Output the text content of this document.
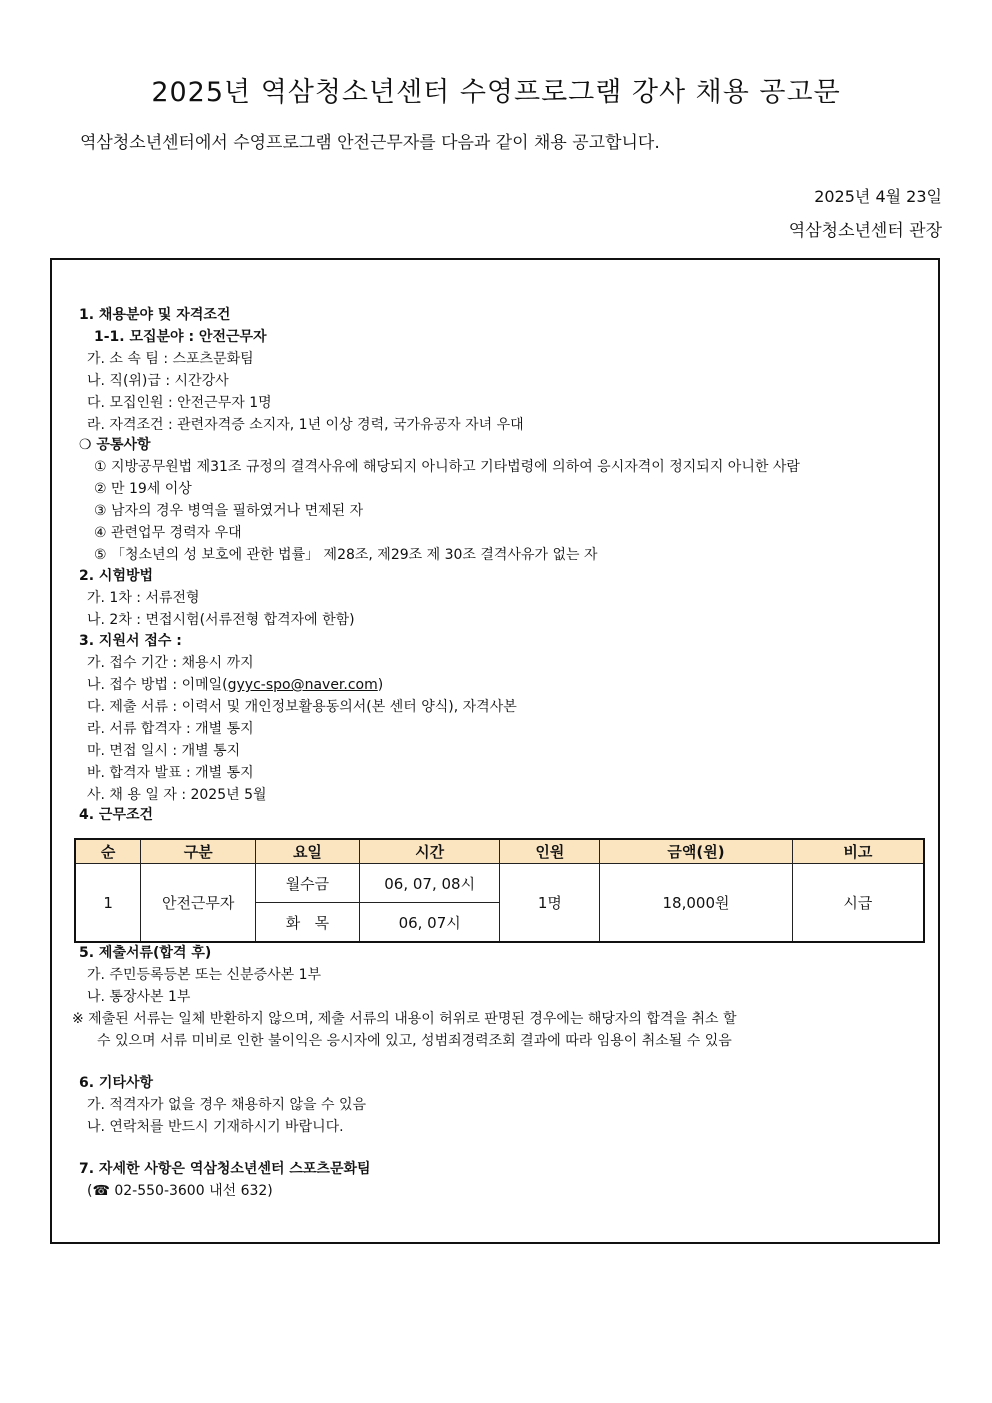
2025년 역삼청소년센터 수영프로그램 강사 채용 공고문
역삼청소년센터에서 수영프로그램 안전근무자를 다음과 같이 채용 공고합니다.
2025년 4월 23일
역삼청소년센터 관장
1. 채용분야 및 자격조건
1-1. 모집분야 : 안전근무자
가. 소 속 팀 : 스포츠문화팀
나. 직(위)급 : 시간강사
다. 모집인원 : 안전근무자 1명
라. 자격조건 : 관련자격증 소지자, 1년 이상 경력, 국가유공자 자녀 우대
❍ 공통사항
① 지방공무원법 제31조 규정의 결격사유에 해당되지 아니하고 기타법령에 의하여 응시자격이 정지되지 아니한 사람
② 만 19세 이상
③ 남자의 경우 병역을 필하였거나 면제된 자
④ 관련업무 경력자 우대
⑤ 「청소년의 성 보호에 관한 법률」 제28조, 제29조 제 30조 결격사유가 없는 자
2. 시험방법
가. 1차 : 서류전형
나. 2차 : 면접시험(서류전형 합격자에 한함)
3. 지원서 접수 :
가. 접수 기간 : 채용시 까지
나. 접수 방법 : 이메일(gyyc-spo@naver.com)
다. 제출 서류 : 이력서 및 개인정보활용동의서(본 센터 양식), 자격사본
라. 서류 합격자 : 개별 통지
마. 면접 일시 : 개별 통지
바. 합격자 발표 : 개별 통지
사. 채 용 일 자 : 2025년 5월
4. 근무조건
순	구분	요일	시간	인원	금액(원)	비고
1	안전근무자	월수금	06, 07, 08시	1명	18,000원	시급
		화   목	06, 07시			
5. 제출서류(합격 후)
가. 주민등록등본 또는 신분증사본 1부
나. 통장사본 1부
※ 제출된 서류는 일체 반환하지 않으며, 제출 서류의 내용이 허위로 판명된 경우에는 해당자의 합격을 취소 할
수 있으며 서류 미비로 인한 불이익은 응시자에 있고, 성범죄경력조회 결과에 따라 임용이 취소될 수 있음
6. 기타사항
가. 적격자가 없을 경우 채용하지 않을 수 있음
나. 연락처를 반드시 기재하시기 바랍니다.
7. 자세한 사항은 역삼청소년센터 스포츠문화팀
(☎ 02-550-3600 내선 632)
